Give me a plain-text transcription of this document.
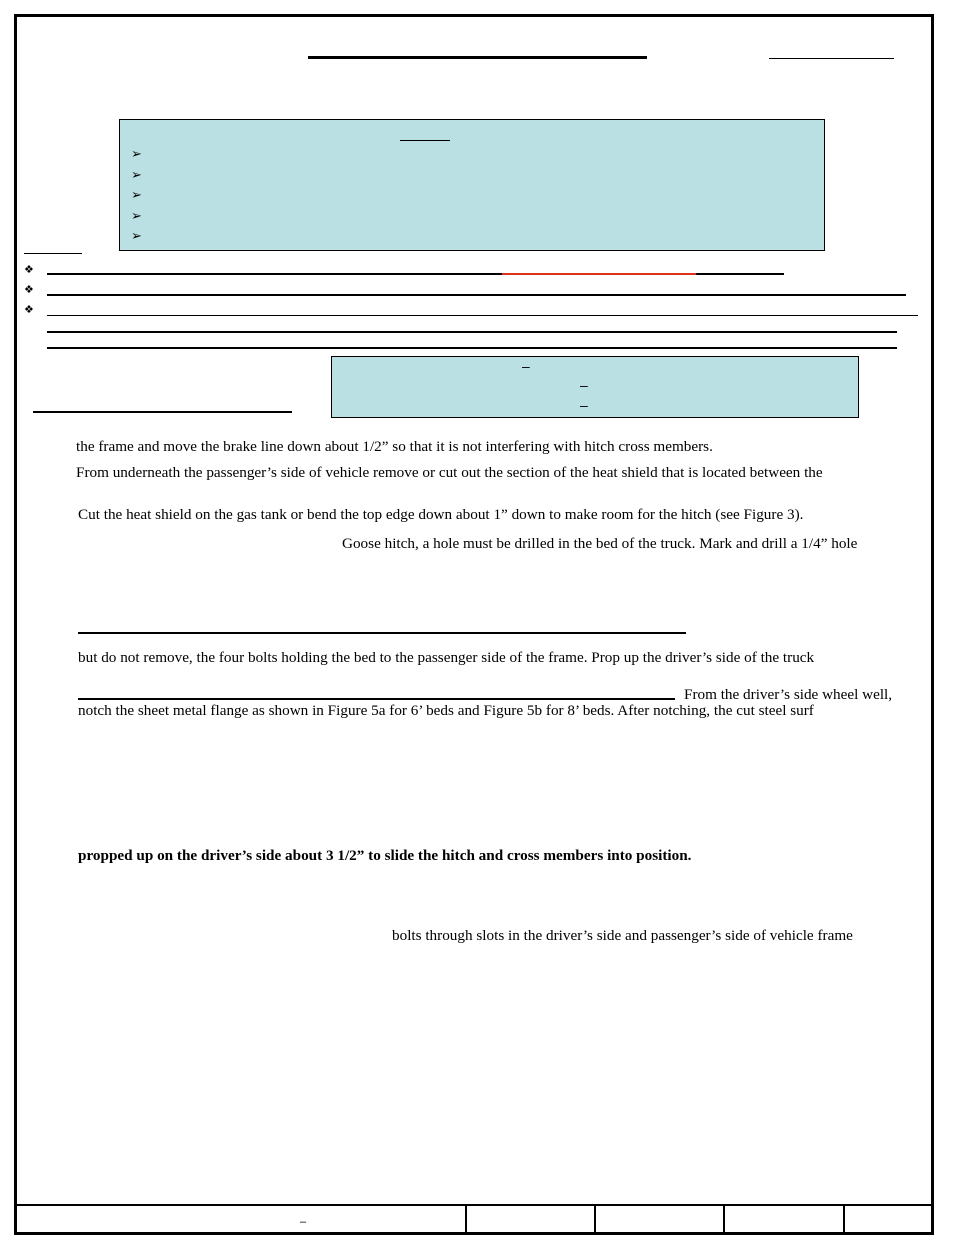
➢
➢
➢
➢
➢
❖
❖
❖
–
–
–
the frame and move the brake line down about 1/2” so that it is not interfering with hitch cross members.
From underneath the passenger’s side of vehicle remove or cut out the section of the heat shield that is located between the
Cut the heat shield on the gas tank or bend the top edge down about 1” down to make room for the hitch (see Figure 3).
Goose hitch, a hole must be drilled in the bed of the truck. Mark and drill a 1/4” hole
but do not remove, the four bolts holding the bed to the passenger side of the frame. Prop up the driver’s side of the truck
From the driver’s side wheel well,
notch the sheet metal flange as shown in Figure 5a for 6’ beds and Figure 5b for 8’ beds. After notching, the cut steel surf
propped up on the driver’s side about 3 1/2” to slide the hitch and cross members into position.
bolts through slots in the driver’s side and passenger’s side of vehicle frame
–
